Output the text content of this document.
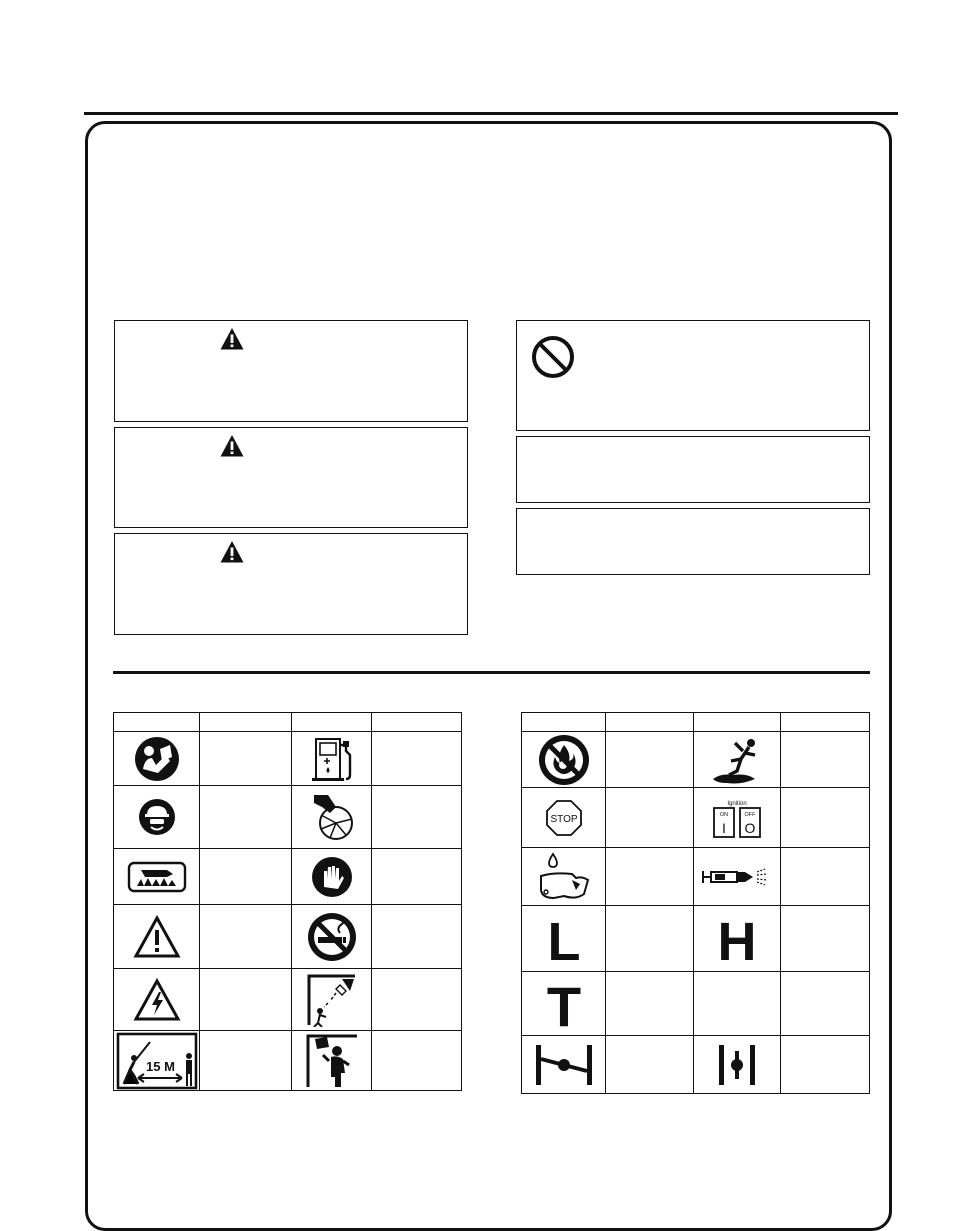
15 M

STOP		Ignition
ON OFF
I O	

L		H	

T			
